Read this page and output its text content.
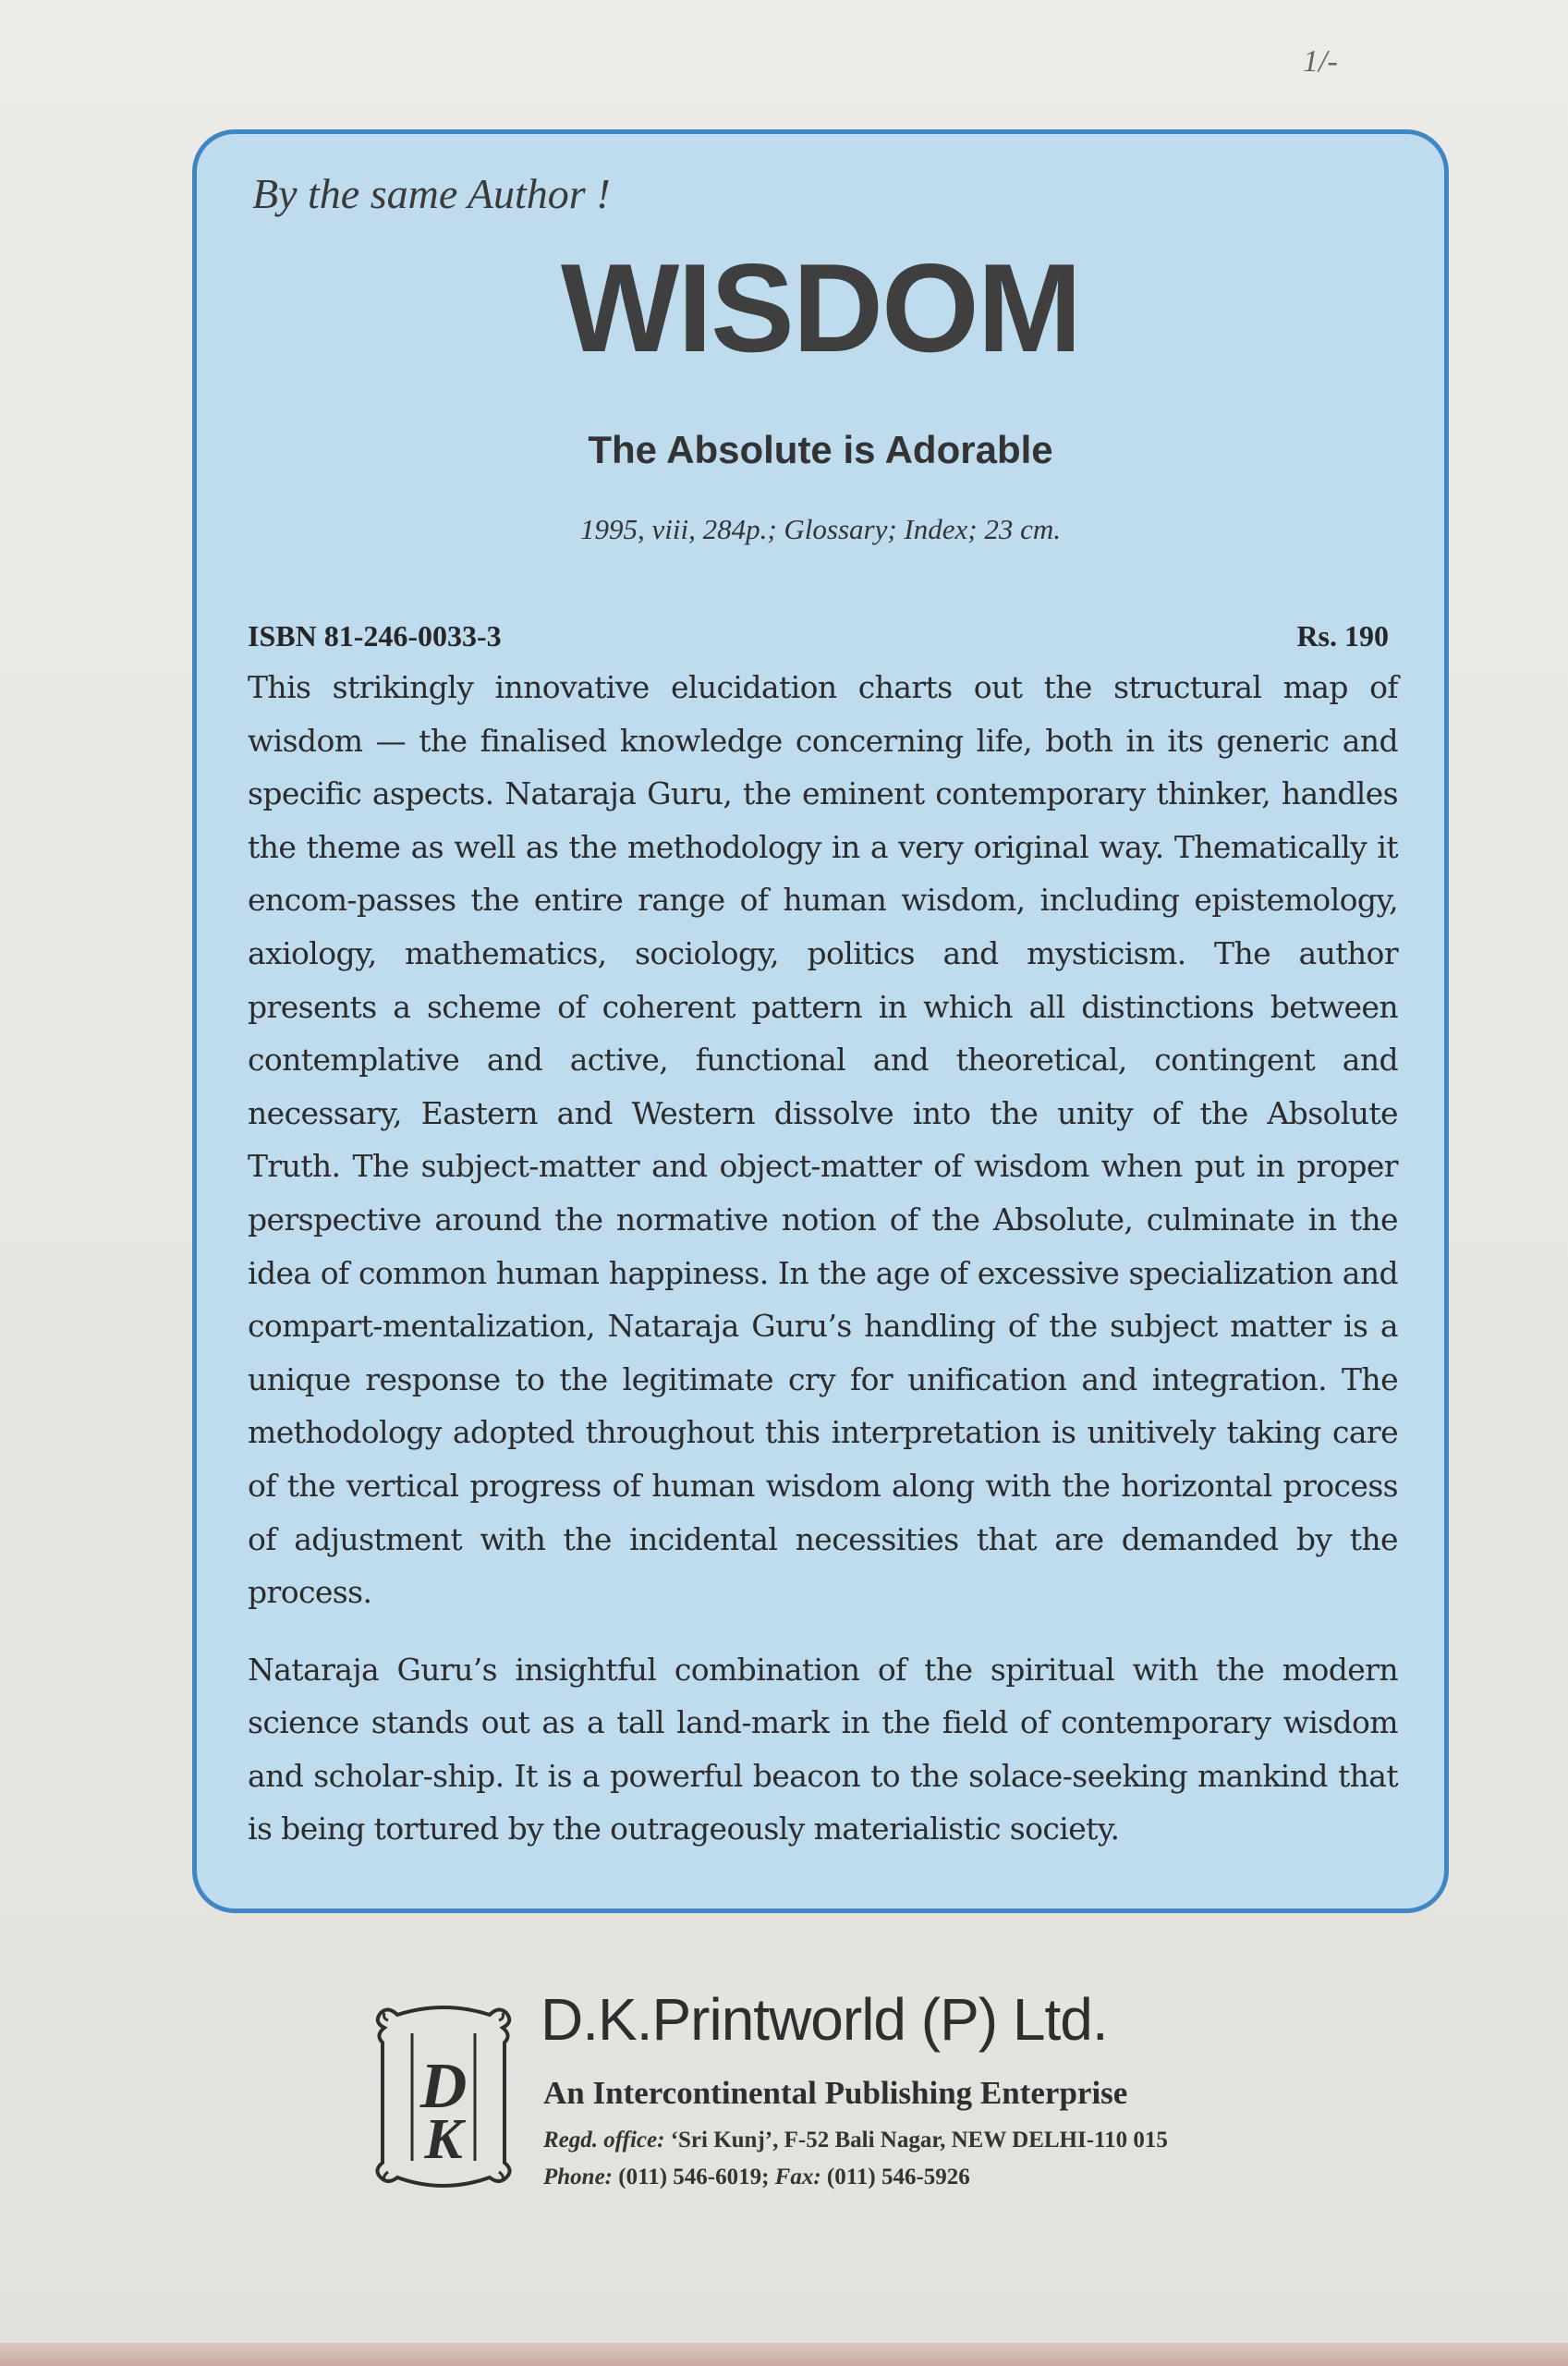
1/-

By the same Author !

WISDOM
The Absolute is Adorable

1995, viii, 284p.; Glossary; Index; 23 cm.

ISBN 81-246-0033-3	Rs. 190

This strikingly innovative elucidation charts out the structural map of wisdom — the finalised knowledge concerning life, both in its generic and specific aspects. Nataraja Guru, the eminent contemporary thinker, handles the theme as well as the methodology in a very original way. Thematically it encom-passes the entire range of human wisdom, including epistemology, axiology, mathematics, sociology, politics and mysticism. The author presents a scheme of coherent pattern in which all distinctions between contemplative and active, functional and theoretical, contingent and necessary, Eastern and Western dissolve into the unity of the Absolute Truth. The subject-matter and object-matter of wisdom when put in proper perspective around the normative notion of the Absolute, culminate in the idea of common human happiness. In the age of excessive specialization and compart-mentalization, Nataraja Guru’s handling of the subject matter is a unique response to the legitimate cry for unification and integration. The methodology adopted throughout this interpretation is unitively taking care of the vertical progress of human wisdom along with the horizontal process of adjustment with the incidental necessities that are demanded by the process.

Nataraja Guru’s insightful combination of the spiritual with the modern science stands out as a tall land-mark in the field of contemporary wisdom and scholar-ship. It is a powerful beacon to the solace-seeking mankind that is being tortured by the outrageously materialistic society.

D
K

D.K.Printworld (P) Ltd.

An Intercontinental Publishing Enterprise

Regd. office: ‘Sri Kunj’, F-52 Bali Nagar, NEW DELHI-110 015

Phone: (011) 546-6019; Fax: (011) 546-5926
